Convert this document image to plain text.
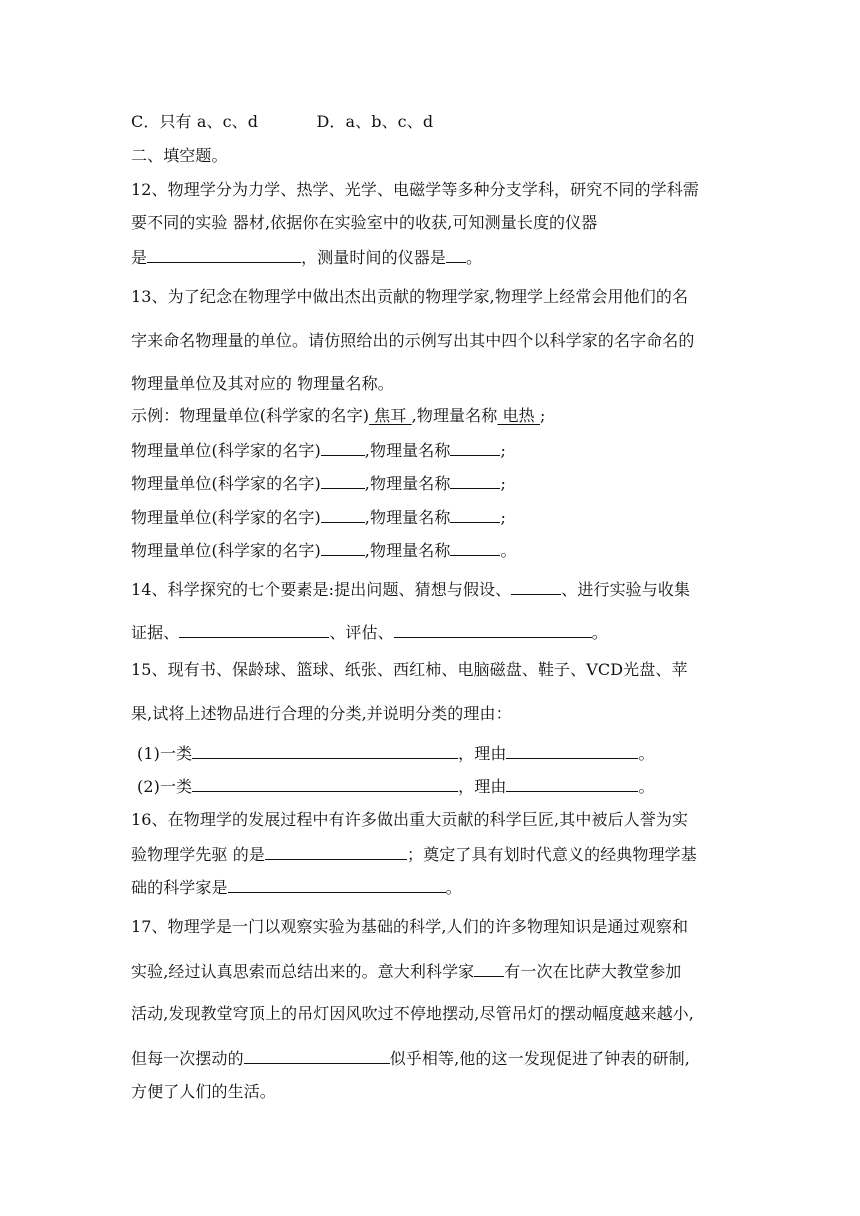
C．只有 a、c、d	D．a、b、c、d
二、填空题。
12、物理学分为力学、热学、光学、电磁学等多种分支学科，研究不同的学科需
要不同的实验 器材,依据你在实验室中的收获,可知测量长度的仪器
是	，测量时间的仪器是 。
13、为了纪念在物理学中做出杰出贡献的物理学家,物理学上经常会用他们的名
字来命名物理量的单位。请仿照给出的示例写出其中四个以科学家的名字命名的
物理量单位及其对应的 物理量名称。
示例：物理量单位(科学家的名字) 焦耳 ,物理量名称 电热 ;
物理量单位(科学家的名字)	,物理量名称	;
物理量单位(科学家的名字)	,物理量名称	;
物理量单位(科学家的名字)	,物理量名称	;
物理量单位(科学家的名字)	,物理量名称	。
14、科学探究的七个要素是:提出问题、猜想与假设、	、进行实验与收集
证据、	、评估、	。
15、现有书、保龄球、篮球、纸张、西红柿、电脑磁盘、鞋子、VCD光盘、苹
果,试将上述物品进行合理的分类,并说明分类的理由：
(1)一类	，理由	。
(2)一类	，理由	。
16、在物理学的发展过程中有许多做出重大贡献的科学巨匠,其中被后人誉为实
验物理学先驱 的是	；奠定了具有划时代意义的经典物理学基
础的科学家是	。
17、物理学是一门以观察实验为基础的科学,人们的许多物理知识是通过观察和
实验,经过认真思索而总结出来的。意大利科学家 有一次在比萨大教堂参加
活动,发现教堂穹顶上的吊灯因风吹过不停地摆动,尽管吊灯的摆动幅度越来越小,
但每一次摆动的	似乎相等,他的这一发现促进了钟表的研制,
方便了人们的生活。
